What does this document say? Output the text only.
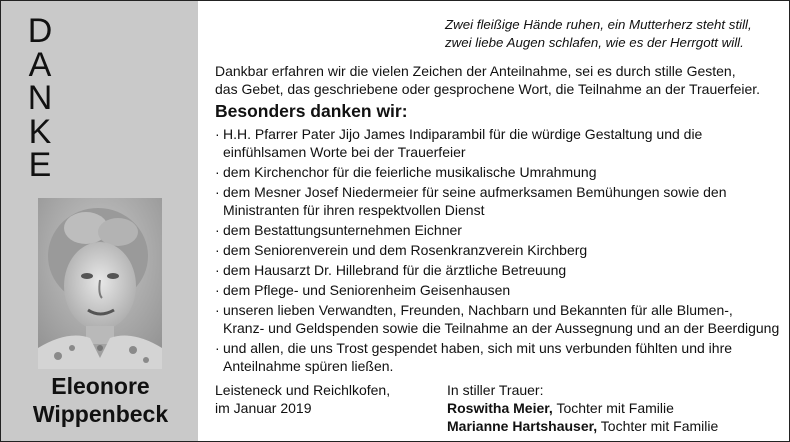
D
A
N
K
E
Eleonore
Wippenbeck
Zwei fleißige Hände ruhen, ein Mutterherz steht still,
zwei liebe Augen schlafen, wie es der Herrgott will.
Dankbar erfahren wir die vielen Zeichen der Anteilnahme, sei es durch stille Gesten,
das Gebet, das geschriebene oder gesprochene Wort, die Teilnahme an der Trauerfeier.
Besonders danken wir:
· H.H. Pfarrer Pater Jijo James Indiparambil für die würdige Gestaltung und die
einfühlsamen Worte bei der Trauerfeier
· dem Kirchenchor für die feierliche musikalische Umrahmung
· dem Mesner Josef Niedermeier für seine aufmerksamen Bemühungen sowie den
Ministranten für ihren respektvollen Dienst
· dem Bestattungsunternehmen Eichner
· dem Seniorenverein und dem Rosenkranzverein Kirchberg
· dem Hausarzt Dr. Hillebrand für die ärztliche Betreuung
· dem Pflege- und Seniorenheim Geisenhausen
· unseren lieben Verwandten, Freunden, Nachbarn und Bekannten für alle Blumen-,
Kranz- und Geldspenden sowie die Teilnahme an der Aussegnung und an der Beerdigung
· und allen, die uns Trost gespendet haben, sich mit uns verbunden fühlten und ihre
Anteilnahme spüren ließen.
Leisteneck und Reichlkofen,
im Januar 2019
In stiller Trauer:
Roswitha Meier, Tochter mit Familie
Marianne Hartshauser, Tochter mit Familie
